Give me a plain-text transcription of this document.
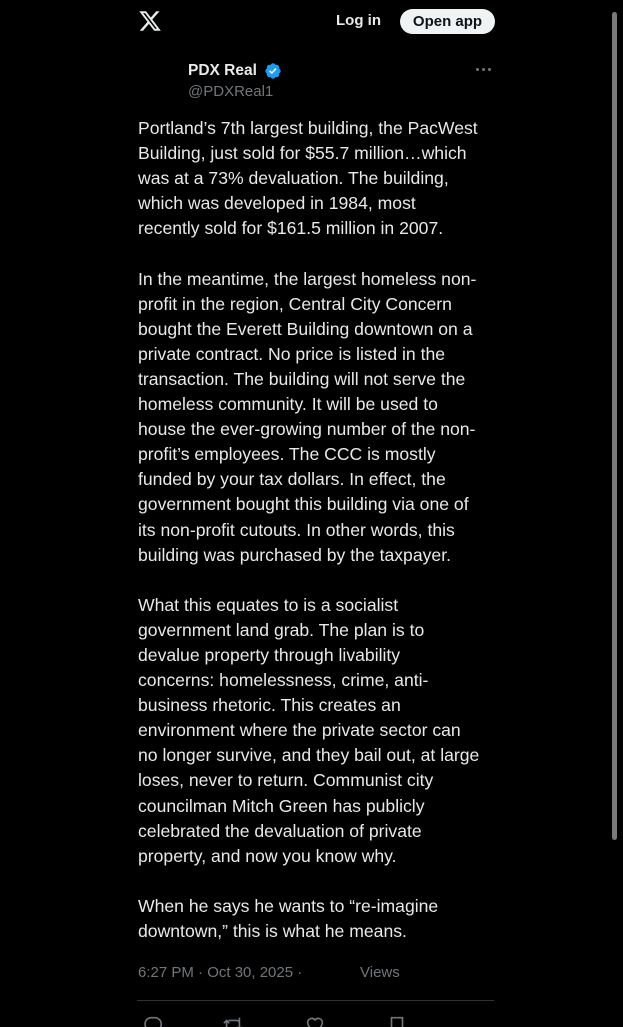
Log in	Open app
PDX Real
@PDXReal1
Portland’s 7th largest building, the PacWest
Building, just sold for $55.7 million…which
was at a 73% devaluation. The building,
which was developed in 1984, most
recently sold for $161.5 million in 2007.
In the meantime, the largest homeless non-
profit in the region, Central City Concern
bought the Everett Building downtown on a
private contract. No price is listed in the
transaction. The building will not serve the
homeless community. It will be used to
house the ever-growing number of the non-
profit’s employees. The CCC is mostly
funded by your tax dollars. In effect, the
government bought this building via one of
its non-profit cutouts. In other words, this
building was purchased by the taxpayer.
What this equates to is a socialist
government land grab. The plan is to
devalue property through livability
concerns: homelessness, crime, anti-
business rhetoric. This creates an
environment where the private sector can
no longer survive, and they bail out, at large
loses, never to return. Communist city
councilman Mitch Green has publicly
celebrated the devaluation of private
property, and now you know why.
When he says he wants to “re-imagine
downtown,” this is what he means.
6:27 PM · Oct 30, 2025 ·	Views
